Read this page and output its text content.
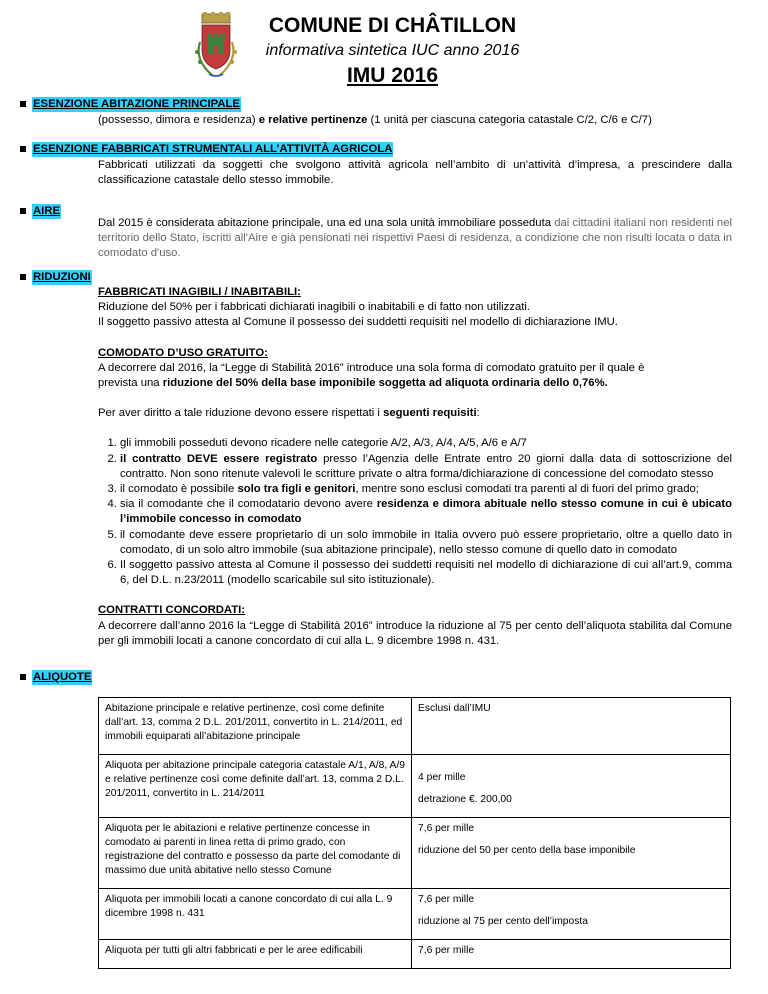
COMUNE DI CHÂTILLON
informativa sintetica IUC anno 2016
IMU 2016
ESENZIONE ABITAZIONE PRINCIPALE
(possesso, dimora e residenza) e relative pertinenze (1 unità per ciascuna categoria catastale C/2, C/6 e C/7)
ESENZIONE FABBRICATI STRUMENTALI ALL’ATTIVITÀ AGRICOLA
Fabbricati utilizzati da soggetti che svolgono attività agricola nell’ambito di un’attività d’impresa, a prescindere dalla classificazione catastale dello stesso immobile.
AIRE
Dal 2015 è considerata abitazione principale, una ed una sola unità immobiliare posseduta dai cittadini italiani non residenti nel territorio dello Stato, iscritti all'Aire e già pensionati nei rispettivi Paesi di residenza, a condizione che non risulti locata o data in comodato d'uso.
RIDUZIONI
FABBRICATI INAGIBILI / INABITABILI:
Riduzione del 50% per i fabbricati dichiarati inagibili o inabitabili e di fatto non utilizzati.
Il soggetto passivo attesta al Comune il possesso dei suddetti requisiti nel modello di dichiarazione IMU.
COMODATO D’USO GRATUITO:
A decorrere dal 2016, la “Legge di Stabilità 2016” introduce una sola forma di comodato gratuito per il quale è
prevista una riduzione del 50% della base imponibile soggetta ad aliquota ordinaria dello 0,76%.
Per aver diritto a tale riduzione devono essere rispettati i seguenti requisiti:
1. gli immobili posseduti devono ricadere nelle categorie A/2, A/3, A/4, A/5, A/6 e A/7
2. il contratto DEVE essere registrato presso l’Agenzia delle Entrate entro 20 giorni dalla data di sottoscrizione del contratto. Non sono ritenute valevoli le scritture private o altra forma/dichiarazione di concessione del comodato stesso
3. il comodato è possibile solo tra figli e genitori, mentre sono esclusi comodati tra parenti al di fuori del primo grado;
4. sia il comodante che il comodatario devono avere residenza e dimora abituale nello stesso comune in cui è ubicato l’immobile concesso in comodato
5. il comodante deve essere proprietario di un solo immobile in Italia ovvero può essere proprietario, oltre a quello dato in comodato, di un solo altro immobile (sua abitazione principale), nello stesso comune di quello dato in comodato
6. Il soggetto passivo attesta al Comune il possesso dei suddetti requisiti nel modello di dichiarazione di cui all’art.9, comma 6, del D.L. n.23/2011 (modello scaricabile sul sito istituzionale).
CONTRATTI CONCORDATI:
A decorrere dall’anno 2016 la “Legge di Stabilità 2016” introduce la riduzione al 75 per cento dell’aliquota stabilita dal Comune per gli immobili locati a canone concordato di cui alla L. 9 dicembre 1998 n. 431.
ALIQUOTE
Abitazione principale e relative pertinenze, così come definite dall’art. 13, comma 2 D.L. 201/2011, convertito in L. 214/2011, ed immobili equiparati all’abitazione principale	Esclusi dall’IMU

Aliquota per abitazione principale categoria catastale A/1, A/8, A/9 e relative pertinenze così come definite dall’art. 13, comma 2 D.L. 201/2011, convertito in L. 214/2011	4 per mille
detrazione €. 200,00

Aliquota per le abitazioni e relative pertinenze concesse in comodato ai parenti in linea retta di primo grado, con registrazione del contratto e possesso da parte del comodante di massimo due unità abitative nello stesso Comune	7,6 per mille
riduzione del 50 per cento della base imponibile

Aliquota per immobili locati a canone concordato di cui alla L. 9 dicembre 1998 n. 431	7,6 per mille
riduzione al 75 per cento dell’imposta

Aliquota per tutti gli altri fabbricati e per le aree edificabili	7,6 per mille
